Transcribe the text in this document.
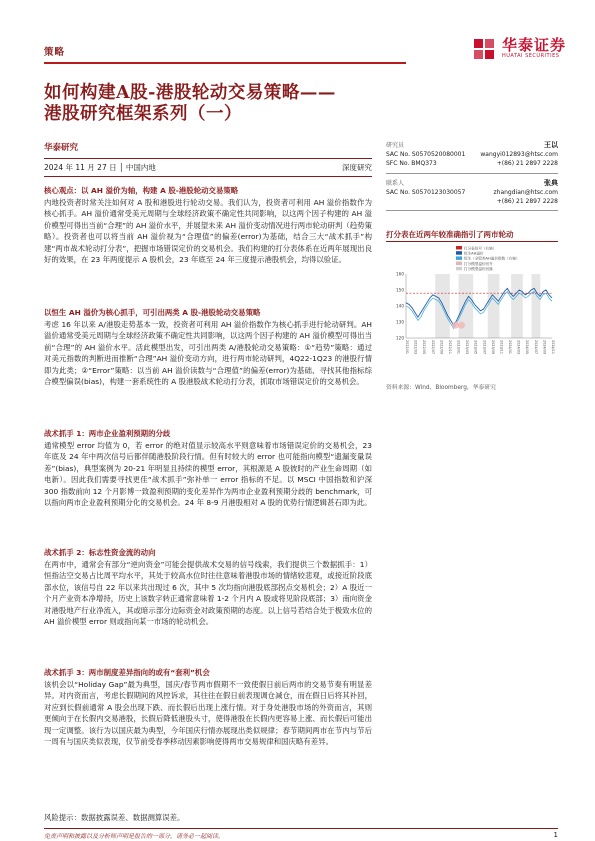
策略	华泰证券
HUATAI SECURITIES
如何构建A股-港股轮动交易策略——
港股研究框架系列（一）
华泰研究
2024 年 11 月 27 日 │ 中国内地	深度研究
研究员	王以
SAC No. S0570520080001	wangyi012893@htsc.com
SFC No. BMQ373	+(86) 21 2897 2228
联系人	张典
SAC No. S0570123030057	zhangdian@htsc.com
+(86) 21 2897 2228
打分表在近两年较准确指引了两市轮动
打分表信号（右轴）
恒生AH溢价
恒生（全股类AH溢价指数（右轴）
打分模型溢价回升
打分模型溢价回落
120
130
140
150
160
2022/01 2022/03 2022/05 2022/07 2022/09 2022/11 2023/01 2023/03 2023/05 2023/07 2023/09 2023/11 2024/01 2024/03 2024/05 2024/07 2024/09 2024/11
资料来源：Wind、Bloomberg，华泰研究
核心观点：以 AH 溢价为轴，构建 A 股-港股轮动交易策略
内地投资者时常关注如何对 A 股和港股进行轮动交易。我们认为，投资者可利用 AH 溢价指数作为核心抓手。AH 溢价通常受美元周期与全球经济政策不确定性共同影响，以这两个因子构建的 AH 溢价模型可得出当前“合理”的 AH 溢价水平，并展望未来 AH 溢价变动情况进行两市轮动研判（趋势策略）。投资者也可以将当前 AH 溢价视为“合理值”的偏差(error)为基础，结合三大“战术抓手”构建“两市战术轮动打分表”，把握市场错误定价的交易机会。我们构建的打分表体系在近两年展现出良好的效果，在 23 年两度提示 A 股机会，23 年底至 24 年三度提示港股机会，均得以验证。
以恒生 AH 溢价为核心抓手，可引出两类 A 股-港股轮动交易策略
考虑 16 年以来 A/港股走势基本一致，投资者可利用 AH 溢价指数作为核心抓手进行轮动研判。AH 溢价通常受美元周期与全球经济政策不确定性共同影响，以这两个因子构建的 AH 溢价模型可得出当前“合理”的 AH 溢价水平。活此模型出发，可引出两类 A/港股轮动交易策略：①“趋势”策略：通过对美元指数的判断进而推断“合理”AH 溢价变动方向，进行两市轮动研判，4Q22-1Q23 的港股行情即为此类；②“Error”策略：以当前 AH 溢价读数与“合理值”的偏差(error)为基础、寻找其他指标综合模型偏误(bias)，构建一套系统性的 A 股港股战术轮动打分表，抓取市场错误定价的交易机会。
战术抓手 1：两市企业盈利预期的分歧
通常模型 error 均值为 0，若 error 的绝对值显示较高水平则意味着市场错误定价的交易机会，23 年底及 24 年中两次信号后都伴随港股阶段行情。但有时较大的 error 也可能指向模型“遗漏变量误差”(bias)，典型案例为 20-21 年明显且持续的模型 error，其根源是 A 股彼时的产业生命周期（如电新）。因此我们需要寻找更佳“战术抓手”弥补单一 error 指标的不足。以 MSCI 中国指数和沪深 300 指数前向 12 个月影博一致盈利预期的变化差异作为两市企业盈利预期分歧的 benchmark，可以指向两市企业盈利预期分化的交易机会。24 年 8-9 月港股相对 A 股的优势行情逻辑甚石即为此。
战术抓手 2：标志性资金流的动向
在两市中，通常会有部分“逆向资金”可能会提供战术交易的信号线索，我们提供三个数据抓手：1）恒指沽空交易占比周平均水平，其处于较高水位时往往意味着港股市场的情绪较悲观，或接近阶段底部水位，该信号自 22 年以来共出现过 6 次，其中 5 次均指向港股底部拐点交易机会；2）A 股近一个月产业资本净增持，历史上该数字转正通常意味着 1-2 个月内 A 股或将见阶段底部；3）南向资金对港股地产行业净流入，其或暗示部分边际资金对政策预期的态度。以上信号若结合处于极致水位的 AH 溢价模型 error 则或指向某一市场的轮动机会。
战术抓手 3：两市制度差异指向的或有“套利”机会
该机会以“Holiday Gap”最为典型，国庆/春节两市假期不一致使假日前后两市的交易节奏有明显差异。对内资而言，考虑长假期间的风控诉求，其往往在假日前表现调仓减仓，而在假日后将其补回，对应到长假前通常 A 股会出现下跌、而长假后出现上涨行情。对于身处港股市场的外资而言，其则更倾向于在长假内交易港股，长假后降低港股头寸，使得港股在长假内更容易上涨、而长假后可能出现一定调整。该行为以国庆最为典型，今年国庆行情亦展现出类似规律；春节期间两市在节内与节后一周有与国庆类似表现，仅节前受春季移动因素影响使得两市交易规律和国庆略有差异。
风险提示：数据披露误差、数据测算误差。
免责声明和披露以及分析师声明是报告的一部分，请务必一起阅读。	1
